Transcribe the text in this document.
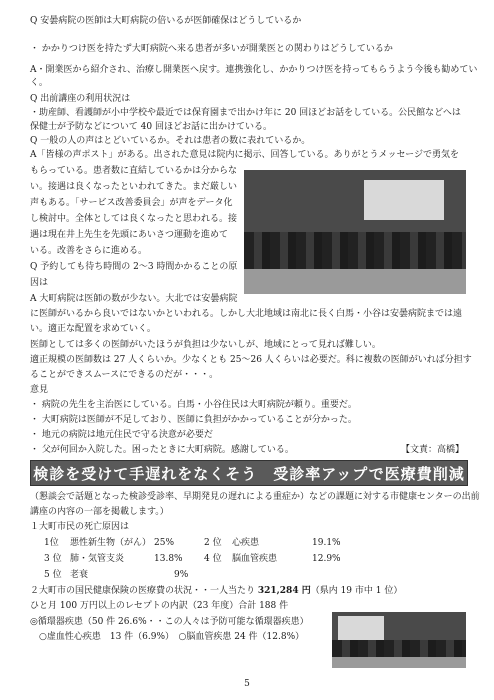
Q 安曇病院の医師は大町病院の倍いるが医師確保はどうしているか
・ かかりつけ医を持たず大町病院へ来る患者が多いが開業医との関わりはどうしているか
A・開業医から紹介され、治療し開業医へ戻す。連携強化し、かかりつけ医を持ってもらうよう今後も勧めてい
く。
Q 出前講座の利用状況は
・助産師、看護師が小中学校や最近では保育園まで出かけ年に 20 回ほどお話をしている。公民館などへは
保健士が予防などについて 40 回ほどお話に出かけている。
Q 一般の人の声はとどいているか。それは患者の数に表れているか。
A「皆様の声ポスト」がある。出された意見は院内に掲示、回答している。ありがとうメッセージで勇気を
もらっている。患者数に直結しているかは分からな
い。接遇は良くなったといわれてきた。まだ厳しい
声もある。「サービス改善委員会」が声をデータ化
し検討中。全体としては良くなったと思われる。接
遇は現在井上先生を先頭にあいさつ運動を進めて
いる。改善をさらに進める。
Q 予約しても待ち時間の 2～3 時間かかることの原
因は
A 大町病院は医師の数が少ない。大北では安曇病院
に医師がいるから良いではないかといわれる。しかし大北地域は南北に長く白馬・小谷は安曇病院までは遠
い。適正な配置を求めていく。
医師としては多くの医師がいたほうが負担は少ないしが、地域にとって見れば難しい。
適正規模の医師数は 27 人くらいか。少なくとも 25～26 人くらいは必要だ。科に複数の医師がいれば分担す
ることができスムースにできるのだが・・・。
意見
・ 病院の先生を主治医にしている。白馬・小谷住民は大町病院が頼り。重要だ。
・ 大町病院は医師が不足しており、医師に負担がかかっていることが分かった。
・ 地元の病院は地元住民で守る決意が必要だ
・ 父が何回か入院した。困ったときに大町病院。感謝している。	【文責：高橋】
検診を受けて手遅れをなくそう　受診率アップで医療費削減
（懇談会で話題となった検診受診率、早期発見の遅れによる重症か）などの課題に対する市健康センターの出前
講座の内容の一部を掲載します。）
１大町市民の死亡原因は
1位 悪性新生物（がん） 25%	2 位 心疾患	19.1%
3 位 肺・気管支炎	13.8% 4 位 脳血管疾患	12.9%
5 位 老衰	9%
２大町市の国民健康保険の医療費の状況・・一人当たり 321,284 円（県内 19 市中 1 位）
ひと月 100 万円以上のレセプトの内訳（23 年度）合計 188 件
◎循環器疾患（50 件 26.6%・・この人々は予防可能な循環器疾患）
　○虚血性心疾患　13 件（6.9%）　○脳血管疾患 24 件（12.8%）
5
